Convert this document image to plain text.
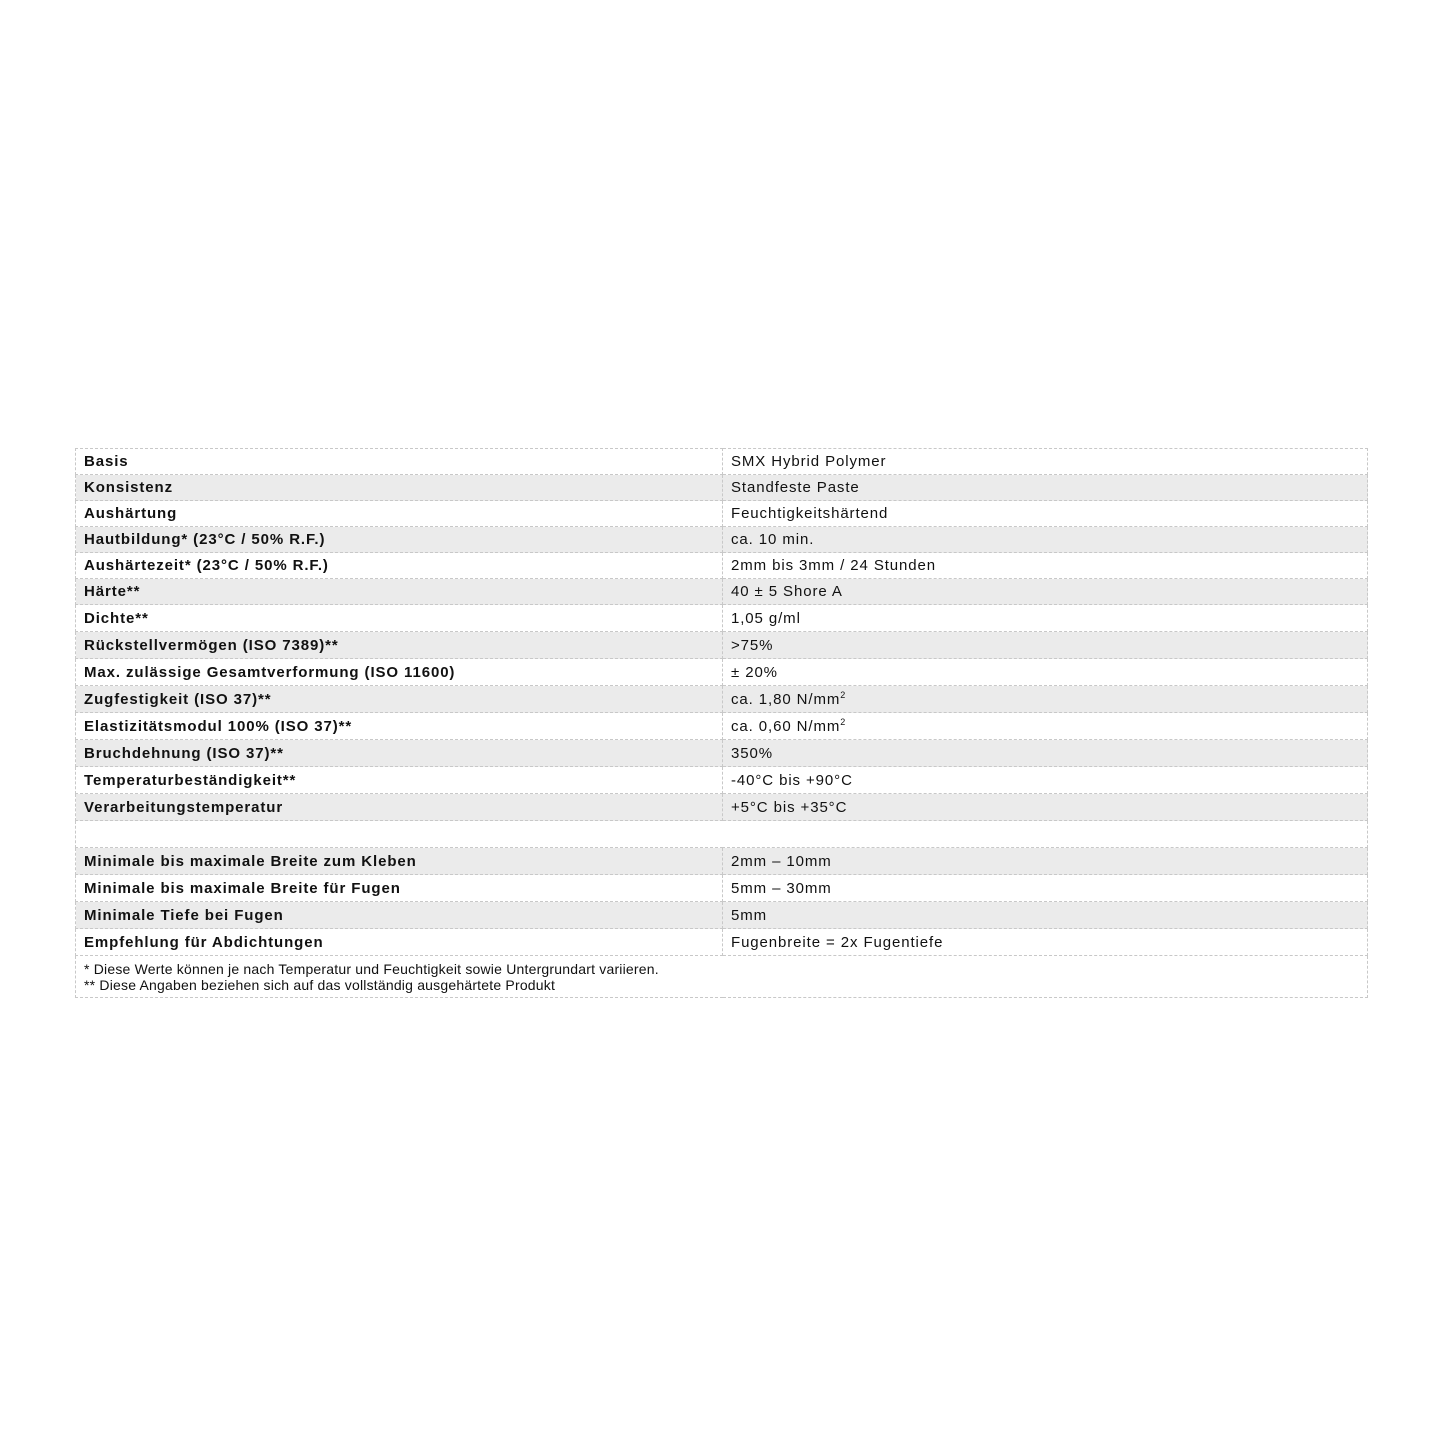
Basis	SMX Hybrid Polymer
Konsistenz	Standfeste Paste
Aushärtung	Feuchtigkeitshärtend
Hautbildung* (23°C / 50% R.F.)	ca. 10 min.
Aushärtezeit* (23°C / 50% R.F.)	2mm bis 3mm / 24 Stunden
Härte**	40 ± 5 Shore A
Dichte**	1,05 g/ml
Rückstellvermögen (ISO 7389)**	>75%
Max. zulässige Gesamtverformung (ISO 11600)	± 20%
Zugfestigkeit (ISO 37)**	ca. 1,80 $N/mm^2$
Elastizitätsmodul 100% (ISO 37)**	ca. 0,60 $N/mm^2$
Bruchdehnung (ISO 37)**	350%
Temperaturbeständigkeit**	-40°C bis +90°C
Verarbeitungstemperatur	+5°C bis +35°C

Minimale bis maximale Breite zum Kleben	2mm – 10mm
Minimale bis maximale Breite für Fugen	5mm – 30mm
Minimale Tiefe bei Fugen	5mm
Empfehlung für Abdichtungen	Fugenbreite = 2x Fugentiefe

* Diese Werte können je nach Temperatur und Feuchtigkeit sowie Untergrundart variieren.
** Diese Angaben beziehen sich auf das vollständig ausgehärtete Produkt	
